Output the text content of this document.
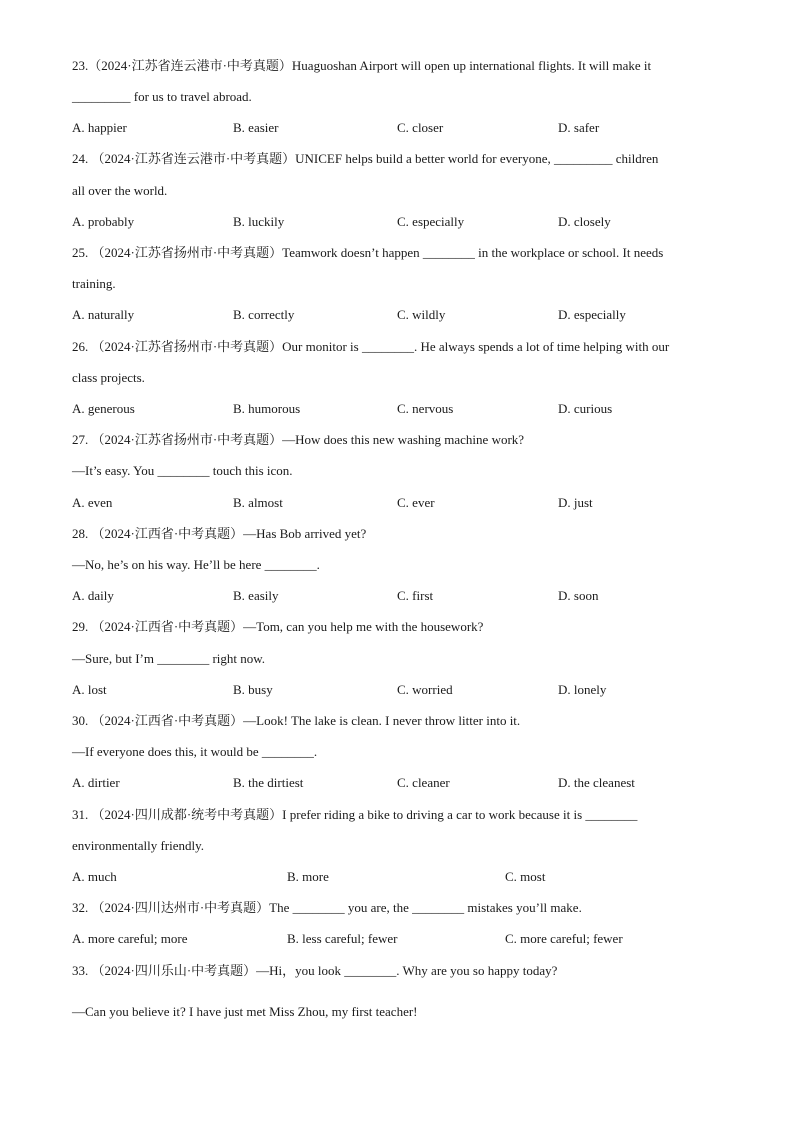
23.（2024·江苏省连云港市·中考真题）Huaguoshan Airport will open up international flights. It will make it
_________ for us to travel abroad.
A. happier	B. easier	C. closer	D. safer
24. （2024·江苏省连云港市·中考真题）UNICEF helps build a better world for everyone, _________ children
all over the world.
A. probably	B. luckily	C. especially	D. closely
25. （2024·江苏省扬州市·中考真题）Teamwork doesn’t happen ________ in the workplace or school. It needs
training.
A. naturally	B. correctly	C. wildly	D. especially
26. （2024·江苏省扬州市·中考真题）Our monitor is ________. He always spends a lot of time helping with our
class projects.
A. generous	B. humorous	C. nervous	D. curious
27. （2024·江苏省扬州市·中考真题）—How does this new washing machine work?
—It’s easy. You ________ touch this icon.
A. even	B. almost	C. ever	D. just
28. （2024·江西省·中考真题）—Has Bob arrived yet?
—No, he’s on his way. He’ll be here ________.
A. daily	B. easily	C. first	D. soon
29. （2024·江西省·中考真题）—Tom, can you help me with the housework?
—Sure, but I’m ________ right now.
A. lost	B. busy	C. worried	D. lonely
30. （2024·江西省·中考真题）—Look! The lake is clean. I never throw litter into it.
—If everyone does this, it would be ________.
A. dirtier	B. the dirtiest	C. cleaner	D. the cleanest
31. （2024·四川成都·统考中考真题）I prefer riding a bike to driving a car to work because it is ________
environmentally friendly.
A. much	B. more	C. most
32. （2024·四川达州市·中考真题）The ________ you are, the ________ mistakes you’ll make.
A. more careful; more	B. less careful; fewer	C. more careful; fewer
33. （2024·四川乐山·中考真题）—Hi，you look ________. Why are you so happy today?
—Can you believe it? I have just met Miss Zhou, my first teacher!
